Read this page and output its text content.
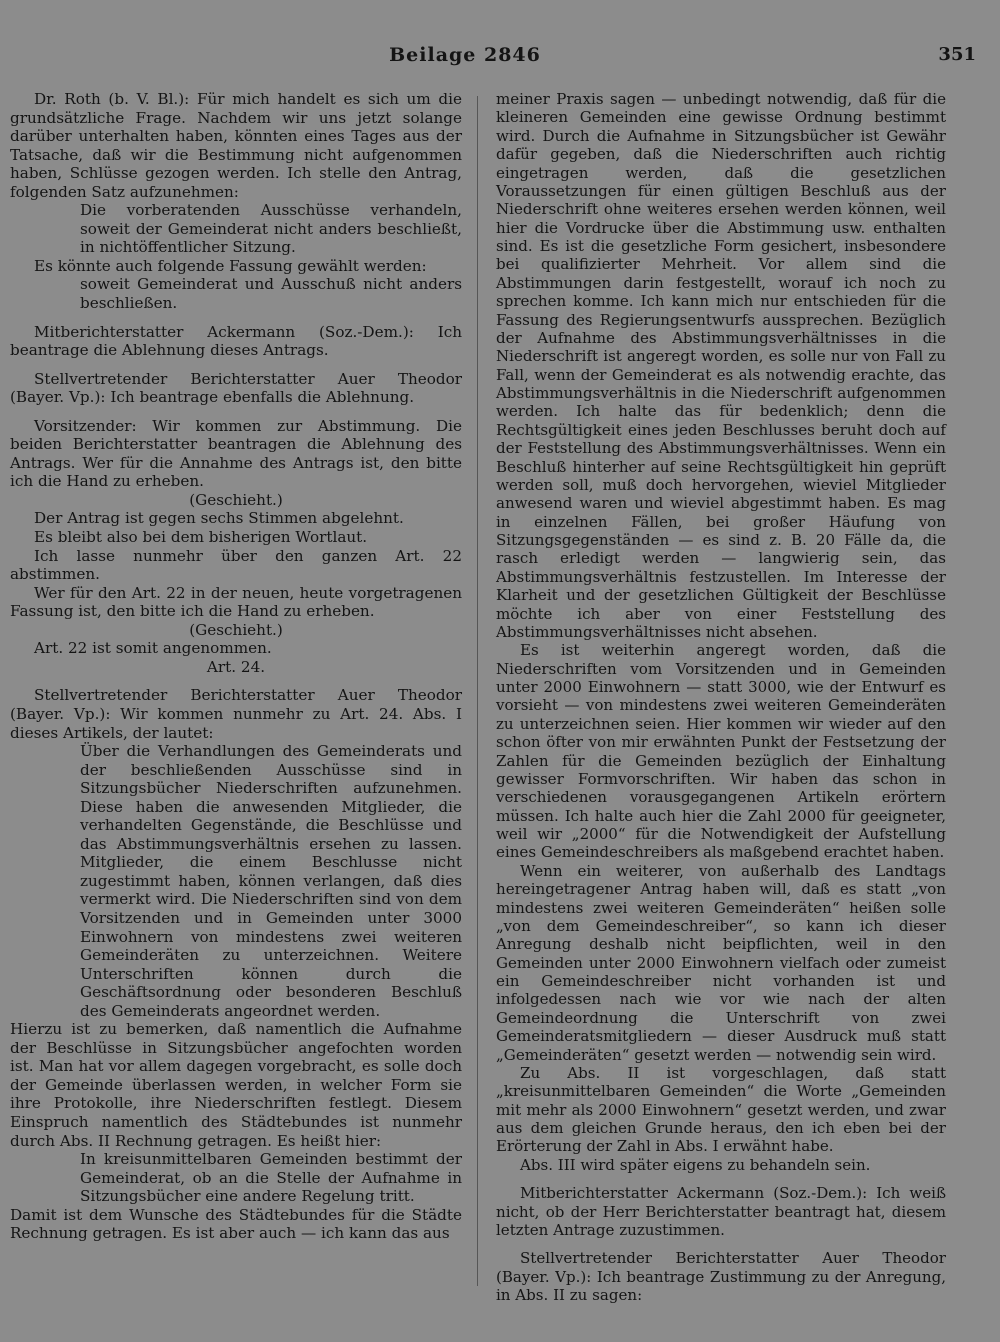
Beilage 2846	351

Dr. Roth (b. V. Bl.): Für mich handelt es sich um die grundsätzliche Frage. Nachdem wir uns jetzt solange darüber unterhalten haben, könnten eines Tages aus der Tatsache, daß wir die Bestimmung nicht aufgenommen haben, Schlüsse gezogen werden. Ich stelle den Antrag, folgenden Satz aufzunehmen:

Die vorberatenden Ausschüsse verhandeln, soweit der Gemeinderat nicht anders beschließt, in nichtöffentlicher Sitzung.

Es könnte auch folgende Fassung gewählt werden:

soweit Gemeinderat und Ausschuß nicht anders beschließen.

Mitberichterstatter Ackermann (Soz.-Dem.): Ich beantrage die Ablehnung dieses Antrags.

Stellvertretender Berichterstatter Auer Theodor (Bayer. Vp.): Ich beantrage ebenfalls die Ablehnung.

Vorsitzender: Wir kommen zur Abstimmung. Die beiden Berichterstatter beantragen die Ablehnung des Antrags. Wer für die Annahme des Antrags ist, den bitte ich die Hand zu erheben.

(Geschieht.)

Der Antrag ist gegen sechs Stimmen abgelehnt.

Es bleibt also bei dem bisherigen Wortlaut.

Ich lasse nunmehr über den ganzen Art. 22 abstimmen.

Wer für den Art. 22 in der neuen, heute vorgetragenen Fassung ist, den bitte ich die Hand zu erheben.

(Geschieht.)

Art. 22 ist somit angenommen.

Art. 24.

Stellvertretender Berichterstatter Auer Theodor (Bayer. Vp.): Wir kommen nunmehr zu Art. 24. Abs. I dieses Artikels, der lautet:

Über die Verhandlungen des Gemeinderats und der beschließenden Ausschüsse sind in Sitzungsbücher Niederschriften aufzunehmen. Diese haben die anwesenden Mitglieder, die verhandelten Gegenstände, die Beschlüsse und das Abstimmungsverhältnis ersehen zu lassen. Mitglieder, die einem Beschlusse nicht zugestimmt haben, können verlangen, daß dies vermerkt wird. Die Niederschriften sind von dem Vorsitzenden und in Gemeinden unter 3000 Einwohnern von mindestens zwei weiteren Gemeinderäten zu unterzeichnen. Weitere Unterschriften können durch die Geschäftsordnung oder besonderen Beschluß des Gemeinderats angeordnet werden.

Hierzu ist zu bemerken, daß namentlich die Aufnahme der Beschlüsse in Sitzungsbücher angefochten worden ist. Man hat vor allem dagegen vorgebracht, es solle doch der Gemeinde überlassen werden, in welcher Form sie ihre Protokolle, ihre Niederschriften festlegt. Diesem Einspruch namentlich des Städtebundes ist nunmehr durch Abs. II Rechnung getragen. Es heißt hier:

In kreisunmittelbaren Gemeinden bestimmt der Gemeinderat, ob an die Stelle der Aufnahme in Sitzungsbücher eine andere Regelung tritt.

Damit ist dem Wunsche des Städtebundes für die Städte Rechnung getragen. Es ist aber auch — ich kann das aus

meiner Praxis sagen — unbedingt notwendig, daß für die kleineren Gemeinden eine gewisse Ordnung bestimmt wird. Durch die Aufnahme in Sitzungsbücher ist Gewähr dafür gegeben, daß die Niederschriften auch richtig eingetragen werden, daß die gesetzlichen Voraussetzungen für einen gültigen Beschluß aus der Niederschrift ohne weiteres ersehen werden können, weil hier die Vordrucke über die Abstimmung usw. enthalten sind. Es ist die gesetzliche Form gesichert, insbesondere bei qualifizierter Mehrheit. Vor allem sind die Abstimmungen darin festgestellt, worauf ich noch zu sprechen komme. Ich kann mich nur entschieden für die Fassung des Regierungsentwurfs aussprechen. Bezüglich der Aufnahme des Abstimmungsverhältnisses in die Niederschrift ist angeregt worden, es solle nur von Fall zu Fall, wenn der Gemeinderat es als notwendig erachte, das Abstimmungsverhältnis in die Niederschrift aufgenommen werden. Ich halte das für bedenklich; denn die Rechtsgültigkeit eines jeden Beschlusses beruht doch auf der Feststellung des Abstimmungsverhältnisses. Wenn ein Beschluß hinterher auf seine Rechtsgültigkeit hin geprüft werden soll, muß doch hervorgehen, wieviel Mitglieder anwesend waren und wieviel abgestimmt haben. Es mag in einzelnen Fällen, bei großer Häufung von Sitzungsgegenständen — es sind z. B. 20 Fälle da, die rasch erledigt werden — langwierig sein, das Abstimmungsverhältnis festzustellen. Im Interesse der Klarheit und der gesetzlichen Gültigkeit der Beschlüsse möchte ich aber von einer Feststellung des Abstimmungsverhältnisses nicht absehen.

Es ist weiterhin angeregt worden, daß die Niederschriften vom Vorsitzenden und in Gemeinden unter 2000 Einwohnern — statt 3000, wie der Entwurf es vorsieht — von mindestens zwei weiteren Gemeinderäten zu unterzeichnen seien. Hier kommen wir wieder auf den schon öfter von mir erwähnten Punkt der Festsetzung der Zahlen für die Gemeinden bezüglich der Einhaltung gewisser Formvorschriften. Wir haben das schon in verschiedenen vorausgegangenen Artikeln erörtern müssen. Ich halte auch hier die Zahl 2000 für geeigneter, weil wir „2000“ für die Notwendigkeit der Aufstellung eines Gemeindeschreibers als maßgebend erachtet haben.

Wenn ein weiterer, von außerhalb des Landtags hereingetragener Antrag haben will, daß es statt „von mindestens zwei weiteren Gemeinderäten“ heißen solle „von dem Gemeindeschreiber“, so kann ich dieser Anregung deshalb nicht beipflichten, weil in den Gemeinden unter 2000 Einwohnern vielfach oder zumeist ein Gemeindeschreiber nicht vorhanden ist und infolgedessen nach wie vor wie nach der alten Gemeindeordnung die Unterschrift von zwei Gemeinderatsmitgliedern — dieser Ausdruck muß statt „Gemeinderäten“ gesetzt werden — notwendig sein wird.

Zu Abs. II ist vorgeschlagen, daß statt „kreisunmittelbaren Gemeinden“ die Worte „Gemeinden mit mehr als 2000 Einwohnern“ gesetzt werden, und zwar aus dem gleichen Grunde heraus, den ich eben bei der Erörterung der Zahl in Abs. I erwähnt habe.

Abs. III wird später eigens zu behandeln sein.

Mitberichterstatter Ackermann (Soz.-Dem.): Ich weiß nicht, ob der Herr Berichterstatter beantragt hat, diesem letzten Antrage zuzustimmen.

Stellvertretender Berichterstatter Auer Theodor (Bayer. Vp.): Ich beantrage Zustimmung zu der Anregung, in Abs. II zu sagen:
